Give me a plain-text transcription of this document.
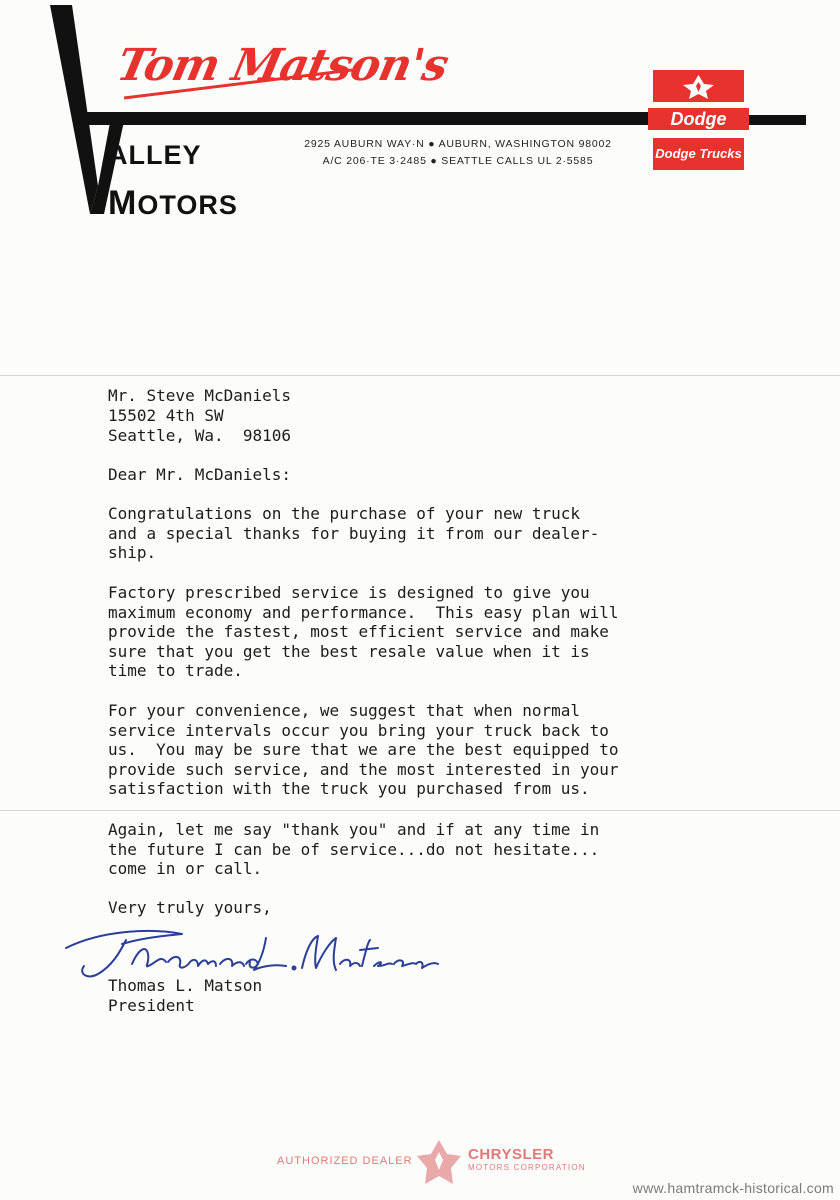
Tom Matson's
ALLEY
MOTORS
2925 AUBURN WAY·N ● AUBURN, WASHINGTON 98002
A/C 206·TE 3·2485 ● SEATTLE CALLS UL 2·5585
Dodge
Dodge Trucks
Mr. Steve McDaniels
15502 4th SW
Seattle, Wa.  98106
Dear Mr. McDaniels:
Congratulations on the purchase of your new truck
and a special thanks for buying it from our dealer-
ship.
Factory prescribed service is designed to give you
maximum economy and performance.  This easy plan will
provide the fastest, most efficient service and make
sure that you get the best resale value when it is
time to trade.
For your convenience, we suggest that when normal
service intervals occur you bring your truck back to
us.  You may be sure that we are the best equipped to
provide such service, and the most interested in your
satisfaction with the truck you purchased from us.
Again, let me say "thank you" and if at any time in
the future I can be of service...do not hesitate...
come in or call.
Very truly yours,
Thomas L. Matson
President
AUTHORIZED DEALER	CHRYSLER
MOTORS CORPORATION
www.hamtramck-historical.com
